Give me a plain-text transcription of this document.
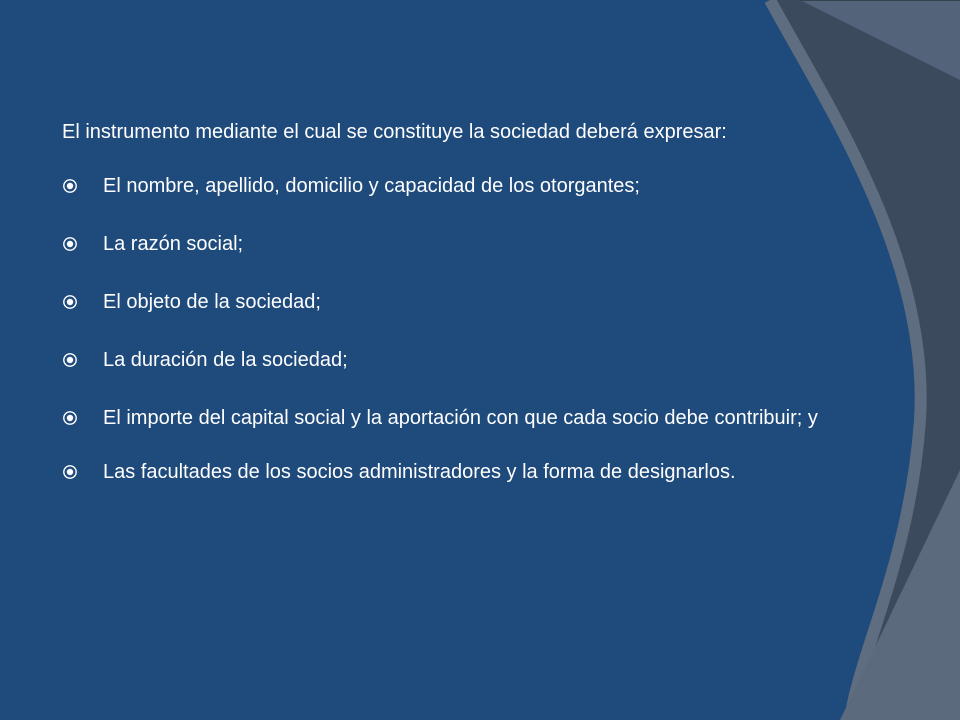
El instrumento mediante el cual se constituye la sociedad deberá expresar:

El nombre, apellido, domicilio y capacidad de los otorgantes;
La razón social;
El objeto de la sociedad;
La duración de la sociedad;
El importe del capital social y la aportación con que cada socio debe contribuir; y
Las facultades de los socios administradores y la forma de designarlos.
